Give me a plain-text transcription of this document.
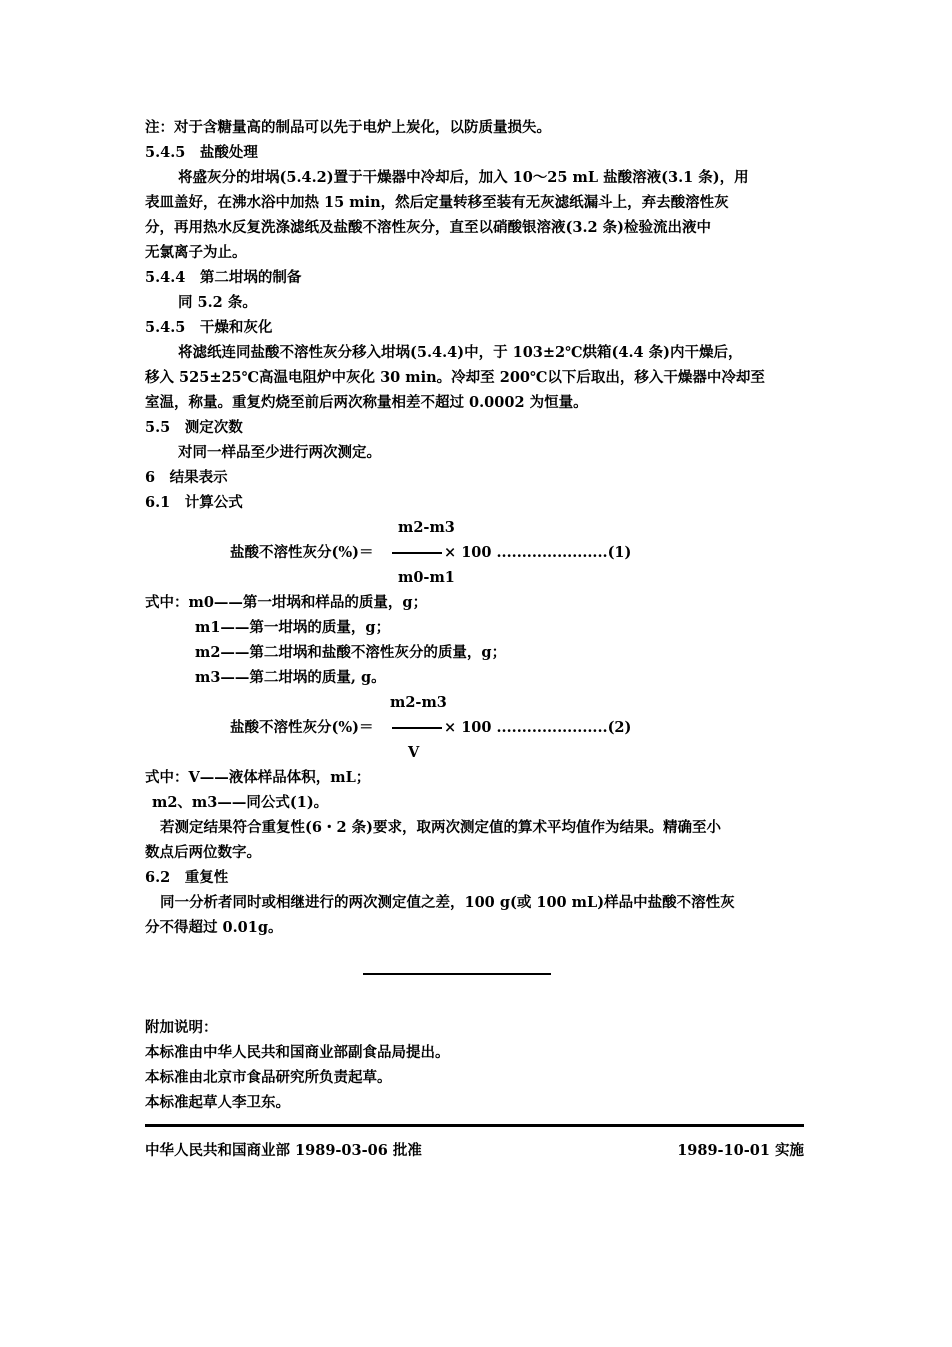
注：对于含糖量高的制品可以先于电炉上炭化，以防质量损失。
5.4.5　盐酸处理
将盛灰分的坩埚(5.4.2)置于干燥器中冷却后，加入 10～25 mL 盐酸溶液(3.1 条)，用
表皿盖好，在沸水浴中加热 15 min，然后定量转移至装有无灰滤纸漏斗上，弃去酸溶性灰
分，再用热水反复洗涤滤纸及盐酸不溶性灰分，直至以硝酸银溶液(3.2 条)检验流出液中
无氯离子为止。
5.4.4　第二坩埚的制备
同 5.2 条。
5.4.5　干燥和灰化
将滤纸连同盐酸不溶性灰分移入坩埚(5.4.4)中，于 103±2℃烘箱(4.4 条)内干燥后，
移入 525±25℃高温电阻炉中灰化 30 min。冷却至 200℃以下后取出，移入干燥器中冷却至
室温，称量。重复灼烧至前后两次称量相差不超过 0.0002 为恒量。
5.5　测定次数
对同一样品至少进行两次测定。
6　结果表示
6.1　计算公式
m2-m3
盐酸不溶性灰分(%)＝	× 100 ......................(1)
m0-m1
式中：m0——第一坩埚和样品的质量，g；
m1——第一坩埚的质量，g；
m2——第二坩埚和盐酸不溶性灰分的质量，g；
m3——第二坩埚的质量, g。
m2-m3
盐酸不溶性灰分(%)＝	× 100 ......................(2)
V
式中：V——液体样品体积，mL；
m2、m3——同公式(1)。
若测定结果符合重复性(6・2 条)要求，取两次测定值的算术平均值作为结果。精确至小
数点后两位数字。
6.2　重复性
同一分析者同时或相继进行的两次测定值之差，100 g(或 100 mL)样品中盐酸不溶性灰
分不得超过 0.01g。
附加说明：
本标准由中华人民共和国商业部副食品局提出。
本标准由北京市食品研究所负责起草。
本标准起草人李卫东。
中华人民共和国商业部 1989-03-06 批准	1989-10-01 实施
